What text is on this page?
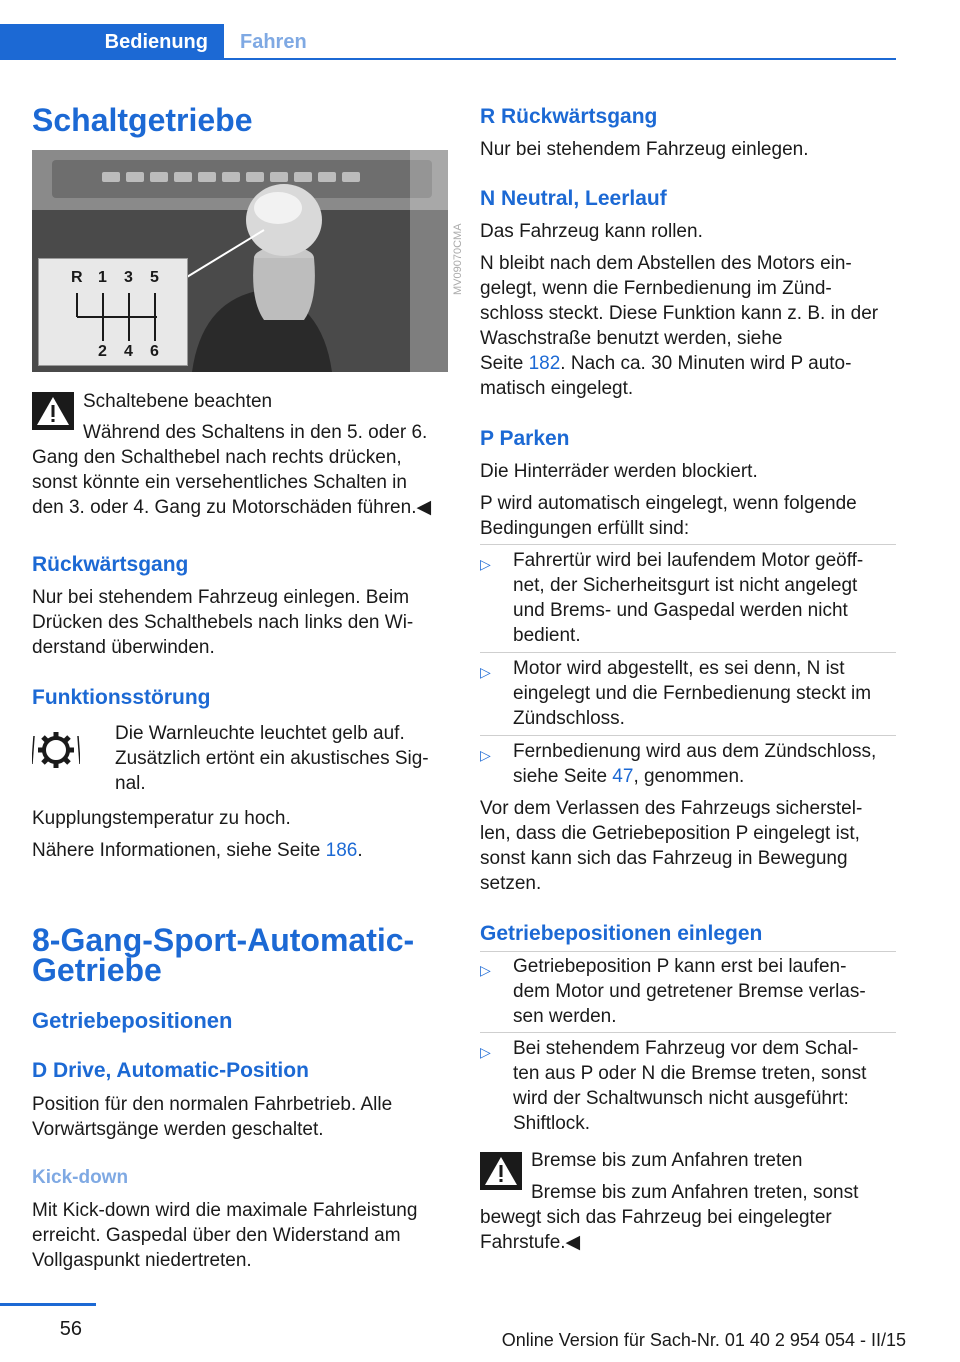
Bedienung	Fahren
Schaltgetriebe
R 1 3 5
2 4 6
MV09070CMA
Schaltebene beachten
Während des Schaltens in den 5. oder 6.
Gang den Schalthebel nach rechts drücken,
sonst könnte ein versehentliches Schalten in
den 3. oder 4. Gang zu Motorschäden führen.◀
Rückwärtsgang
Nur bei stehendem Fahrzeug einlegen. Beim
Drücken des Schalthebels nach links den Wi‐
derstand überwinden.
Funktionsstörung
Die Warnleuchte leuchtet gelb auf.
Zusätzlich ertönt ein akustisches Sig‐
nal.
Kupplungstemperatur zu hoch.
Nähere Informationen, siehe Seite 186.
8-Gang-Sport-Automatic-
Getriebe
Getriebepositionen
D Drive, Automatic-Position
Position für den normalen Fahrbetrieb. Alle
Vorwärtsgänge werden geschaltet.
Kick-down
Mit Kick-down wird die maximale Fahrleistung
erreicht. Gaspedal über den Widerstand am
Vollgaspunkt niedertreten.
R Rückwärtsgang
Nur bei stehendem Fahrzeug einlegen.
N Neutral, Leerlauf
Das Fahrzeug kann rollen.
N bleibt nach dem Abstellen des Motors ein‐
gelegt, wenn die Fernbedienung im Zünd‐
schloss steckt. Diese Funktion kann z. B. in der
Waschstraße benutzt werden, siehe
Seite 182. Nach ca. 30 Minuten wird P auto‐
matisch eingelegt.
P Parken
Die Hinterräder werden blockiert.
P wird automatisch eingelegt, wenn folgende
Bedingungen erfüllt sind:
▷ Fahrertür wird bei laufendem Motor geöff‐
net, der Sicherheitsgurt ist nicht angelegt
und Brems- und Gaspedal werden nicht
bedient.
▷ Motor wird abgestellt, es sei denn, N ist
eingelegt und die Fernbedienung steckt im
Zündschloss.
▷ Fernbedienung wird aus dem Zündschloss,
siehe Seite 47, genommen.
Vor dem Verlassen des Fahrzeugs sicherstel‐
len, dass die Getriebeposition P eingelegt ist,
sonst kann sich das Fahrzeug in Bewegung
setzen.
Getriebepositionen einlegen
▷ Getriebeposition P kann erst bei laufen‐
dem Motor und getretener Bremse verlas‐
sen werden.
▷ Bei stehendem Fahrzeug vor dem Schal‐
ten aus P oder N die Bremse treten, sonst
wird der Schaltwunsch nicht ausgeführt:
Shiftlock.
Bremse bis zum Anfahren treten
Bremse bis zum Anfahren treten, sonst
bewegt sich das Fahrzeug bei eingelegter
Fahrstufe.◀
56	Online Version für Sach-Nr. 01 40 2 954 054 - II/15
